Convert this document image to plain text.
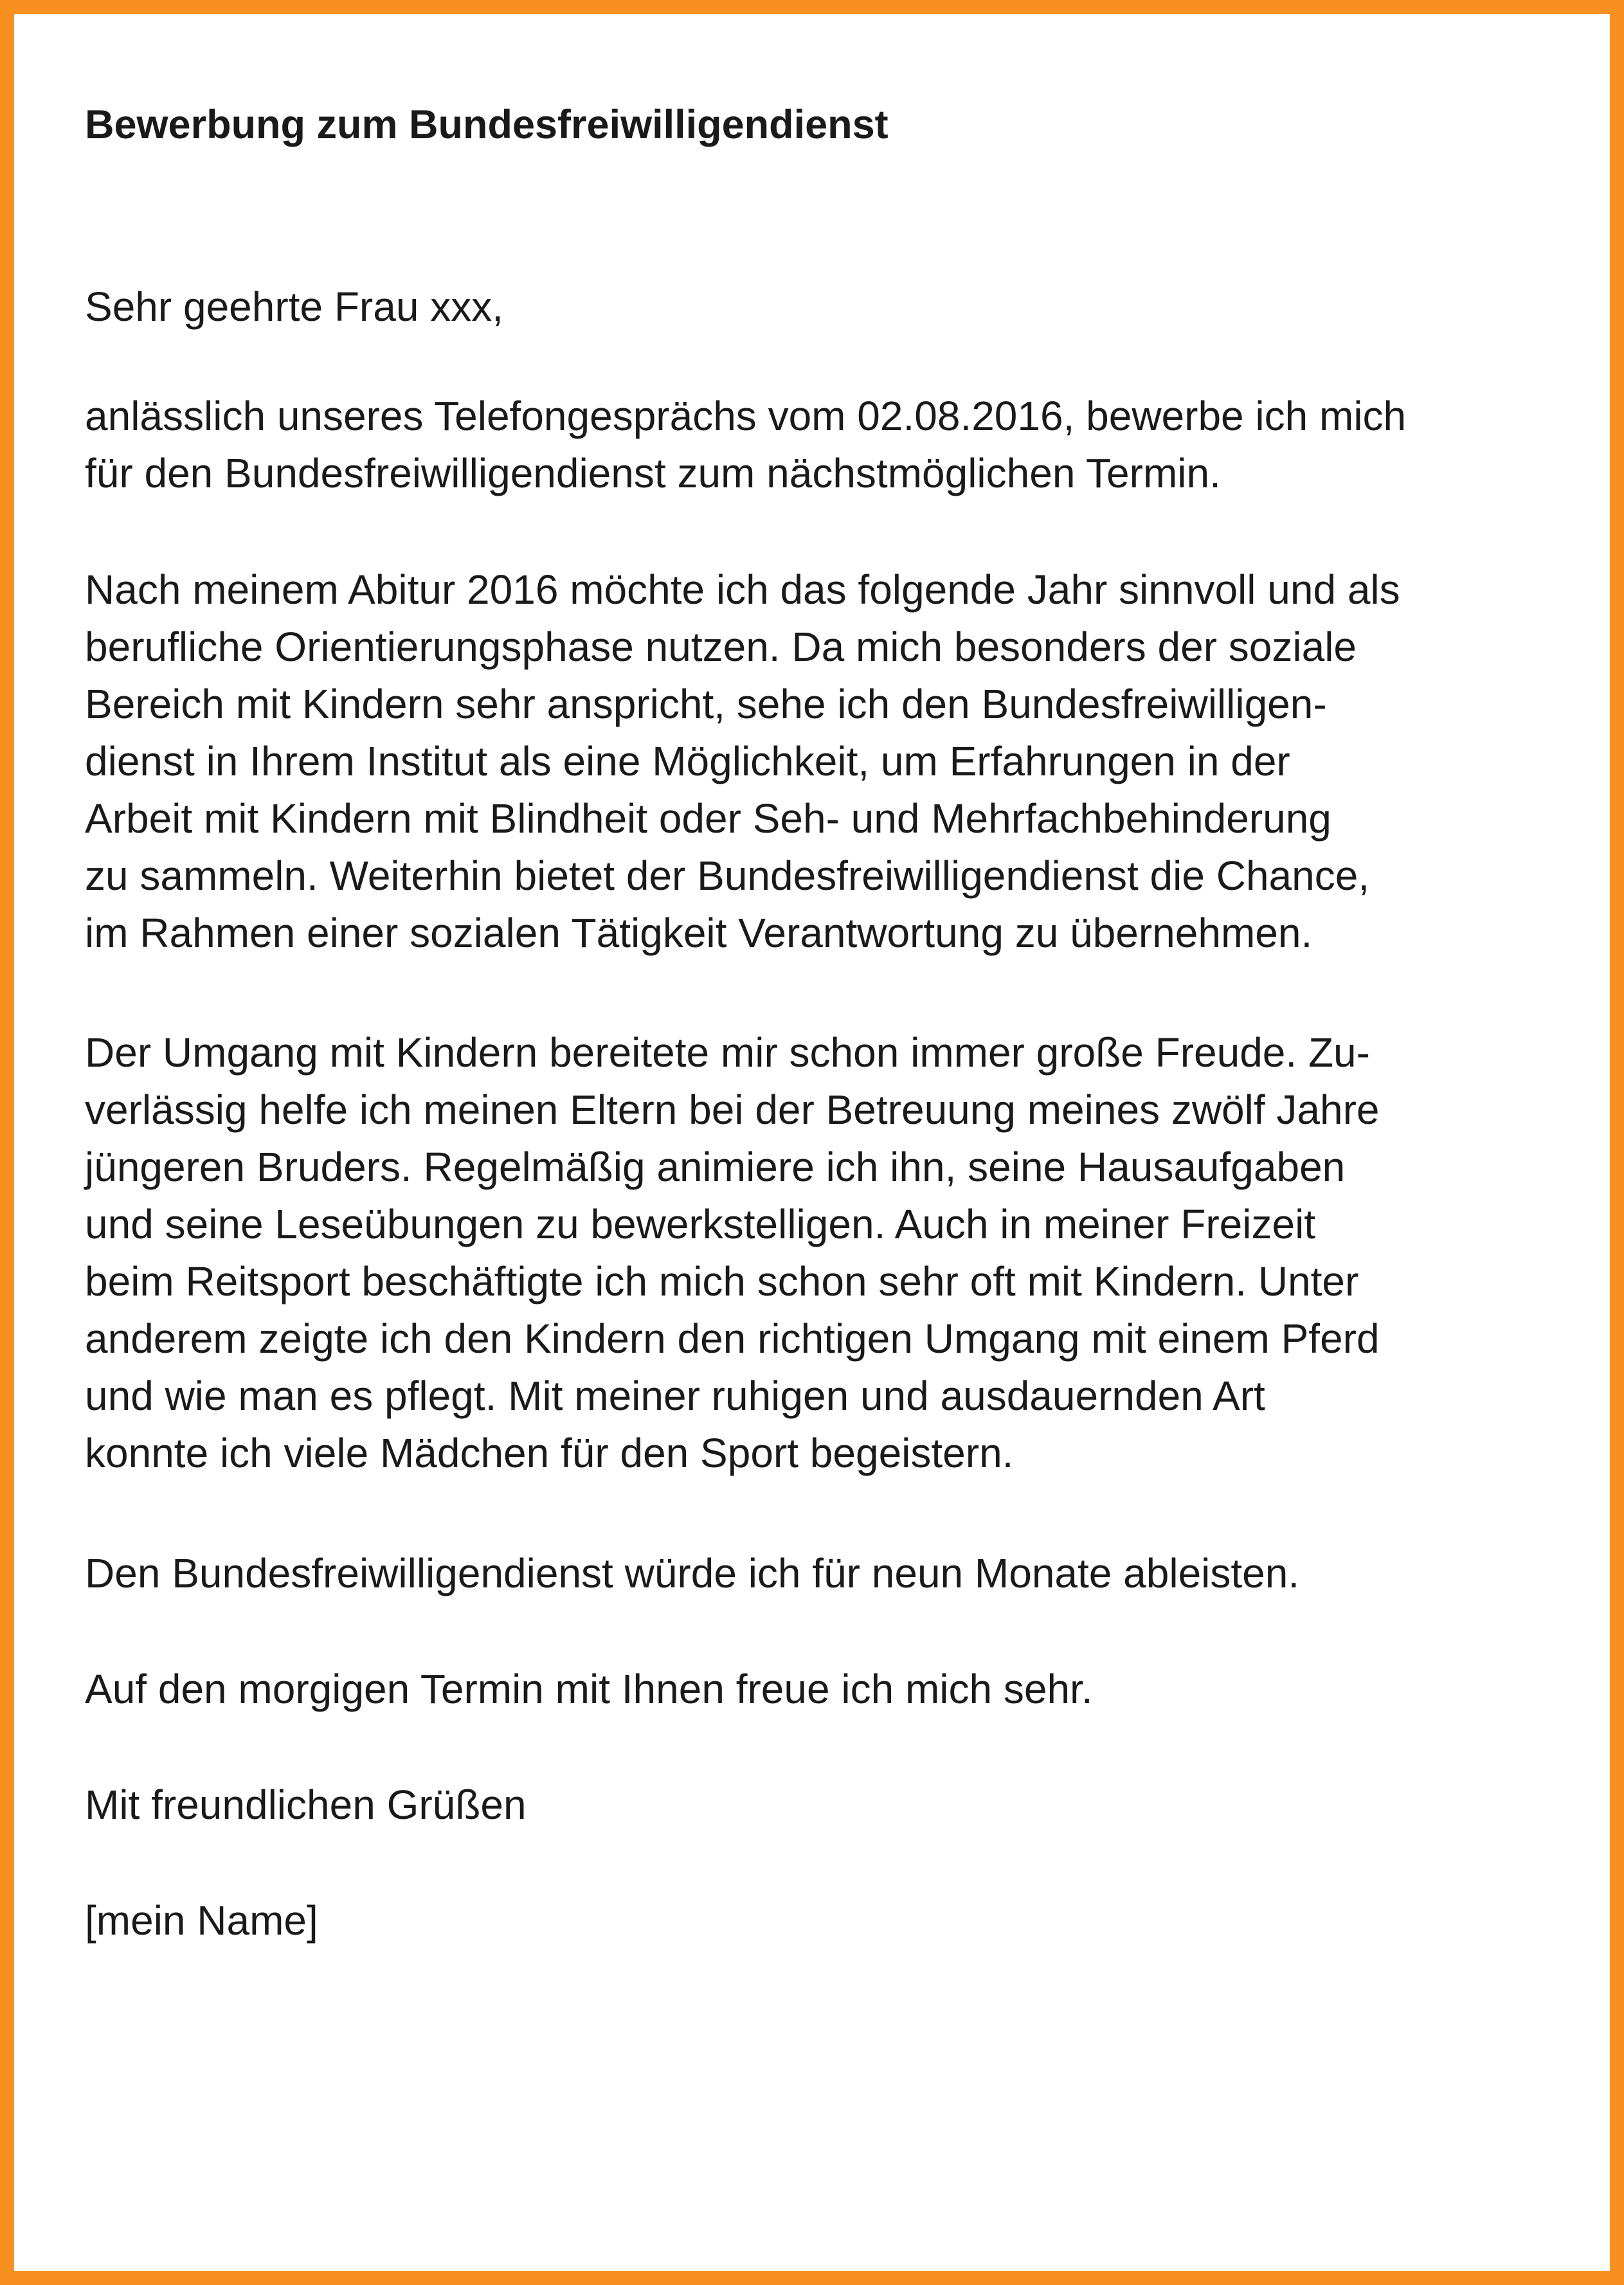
Bewerbung zum Bundesfreiwilligendienst

Sehr geehrte Frau xxx,

anlässlich unseres Telefongesprächs vom 02.08.2016, bewerbe ich mich
für den Bundesfreiwilligendienst zum nächstmöglichen Termin.

Nach meinem Abitur 2016 möchte ich das folgende Jahr sinnvoll und als
berufliche Orientierungsphase nutzen. Da mich besonders der soziale
Bereich mit Kindern sehr anspricht, sehe ich den Bundesfreiwilligen-
dienst in Ihrem Institut als eine Möglichkeit, um Erfahrungen in der
Arbeit mit Kindern mit Blindheit oder Seh- und Mehrfachbehinderung
zu sammeln. Weiterhin bietet der Bundesfreiwilligendienst die Chance,
im Rahmen einer sozialen Tätigkeit Verantwortung zu übernehmen.

Der Umgang mit Kindern bereitete mir schon immer große Freude. Zu-
verlässig helfe ich meinen Eltern bei der Betreuung meines zwölf Jahre
jüngeren Bruders. Regelmäßig animiere ich ihn, seine Hausaufgaben
und seine Leseübungen zu bewerkstelligen. Auch in meiner Freizeit
beim Reitsport beschäftigte ich mich schon sehr oft mit Kindern. Unter
anderem zeigte ich den Kindern den richtigen Umgang mit einem Pferd
und wie man es pflegt. Mit meiner ruhigen und ausdauernden Art
konnte ich viele Mädchen für den Sport begeistern.

Den Bundesfreiwilligendienst würde ich für neun Monate ableisten.

Auf den morgigen Termin mit Ihnen freue ich mich sehr.

Mit freundlichen Grüßen

[mein Name]
